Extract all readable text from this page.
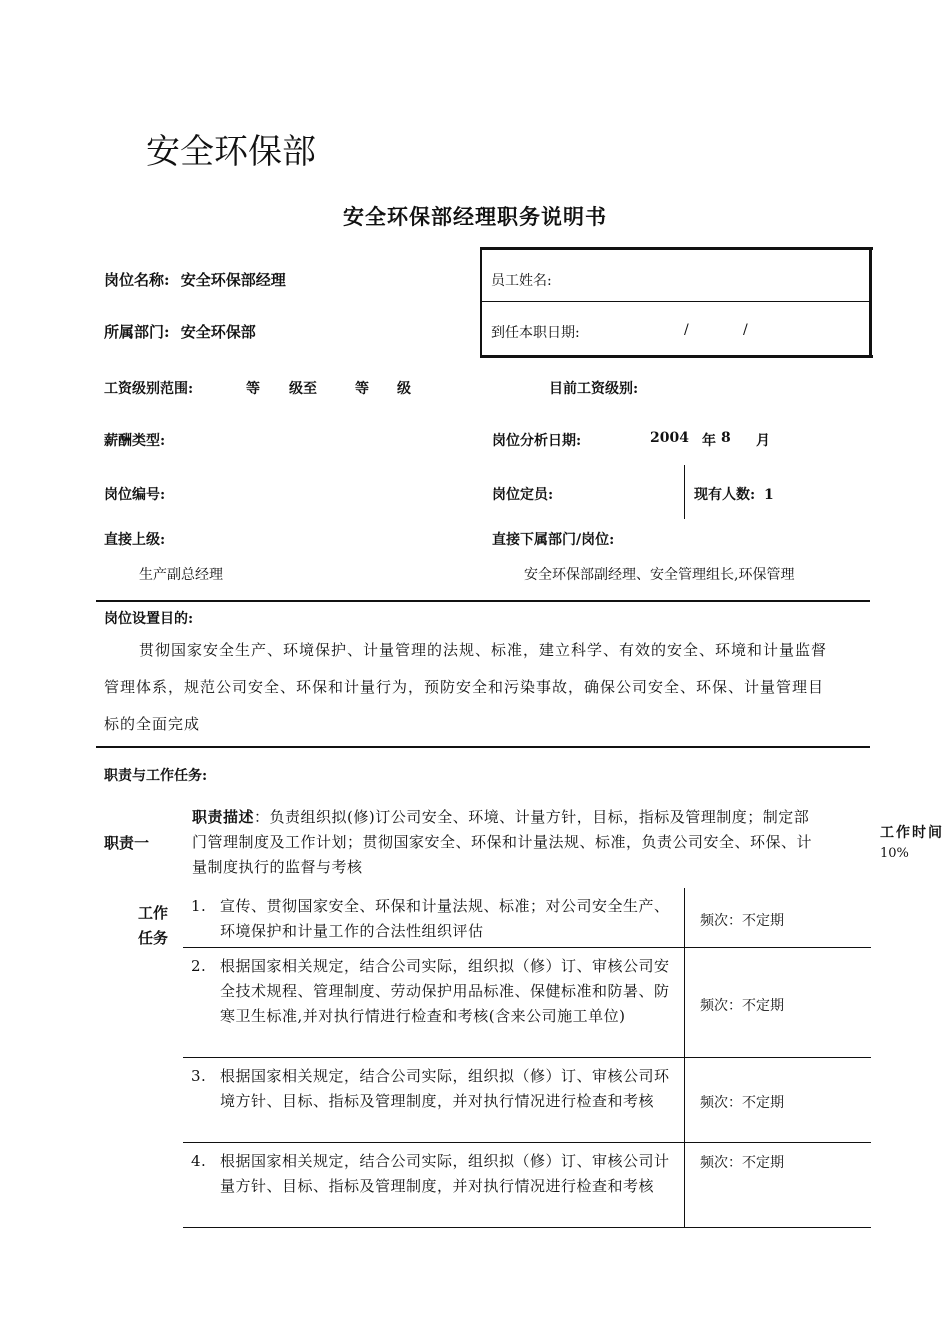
安全环保部
安全环保部经理职务说明书
岗位名称: 安全环保部经理
所属部门: 安全环保部
员工姓名:
到任本职日期:	/	/
工资级别范围:	等 级至	等 级	目前工资级别:
薪酬类型:	岗位分析日期:	2004 年 8 月
岗位编号:	岗位定员:	现有人数: 1
直接上级:
生产副总经理
直接下属部门/岗位:
安全环保部副经理、安全管理组长,环保管理
岗位设置目的:
贯彻国家安全生产、环境保护、计量管理的法规、标准，建立科学、有效的安全、环境和计量监督
管理体系，规范公司安全、环保和计量行为，预防安全和污染事故，确保公司安全、环保、计量管理目
标的全面完成
职责与工作任务:
职责一
职责描述：负责组织拟(修)订公司安全、环境、计量方针，目标，指标及管理制度；制定部
门管理制度及工作计划；贯彻国家安全、环保和计量法规、标准，负责公司安全、环保、计
量制度执行的监督与考核
工作时间
10%
工作
任务
1. 宣传、贯彻国家安全、环保和计量法规、标准；对公司安全生产、环境保护和计量工作的合法性组织评估
频次：不定期
2. 根据国家相关规定，结合公司实际，组织拟（修）订、审核公司安全技术规程、管理制度、劳动保护用品标准、保健标准和防暑、防寒卫生标准,并对执行情进行检查和考核(含来公司施工单位)
频次：不定期
3. 根据国家相关规定，结合公司实际，组织拟（修）订、审核公司环境方针、目标、指标及管理制度，并对执行情况进行检查和考核	频次：不定期
4. 根据国家相关规定，结合公司实际，组织拟（修）订、审核公司计量方针、目标、指标及管理制度，并对执行情况进行检查和考核
频次：不定期
